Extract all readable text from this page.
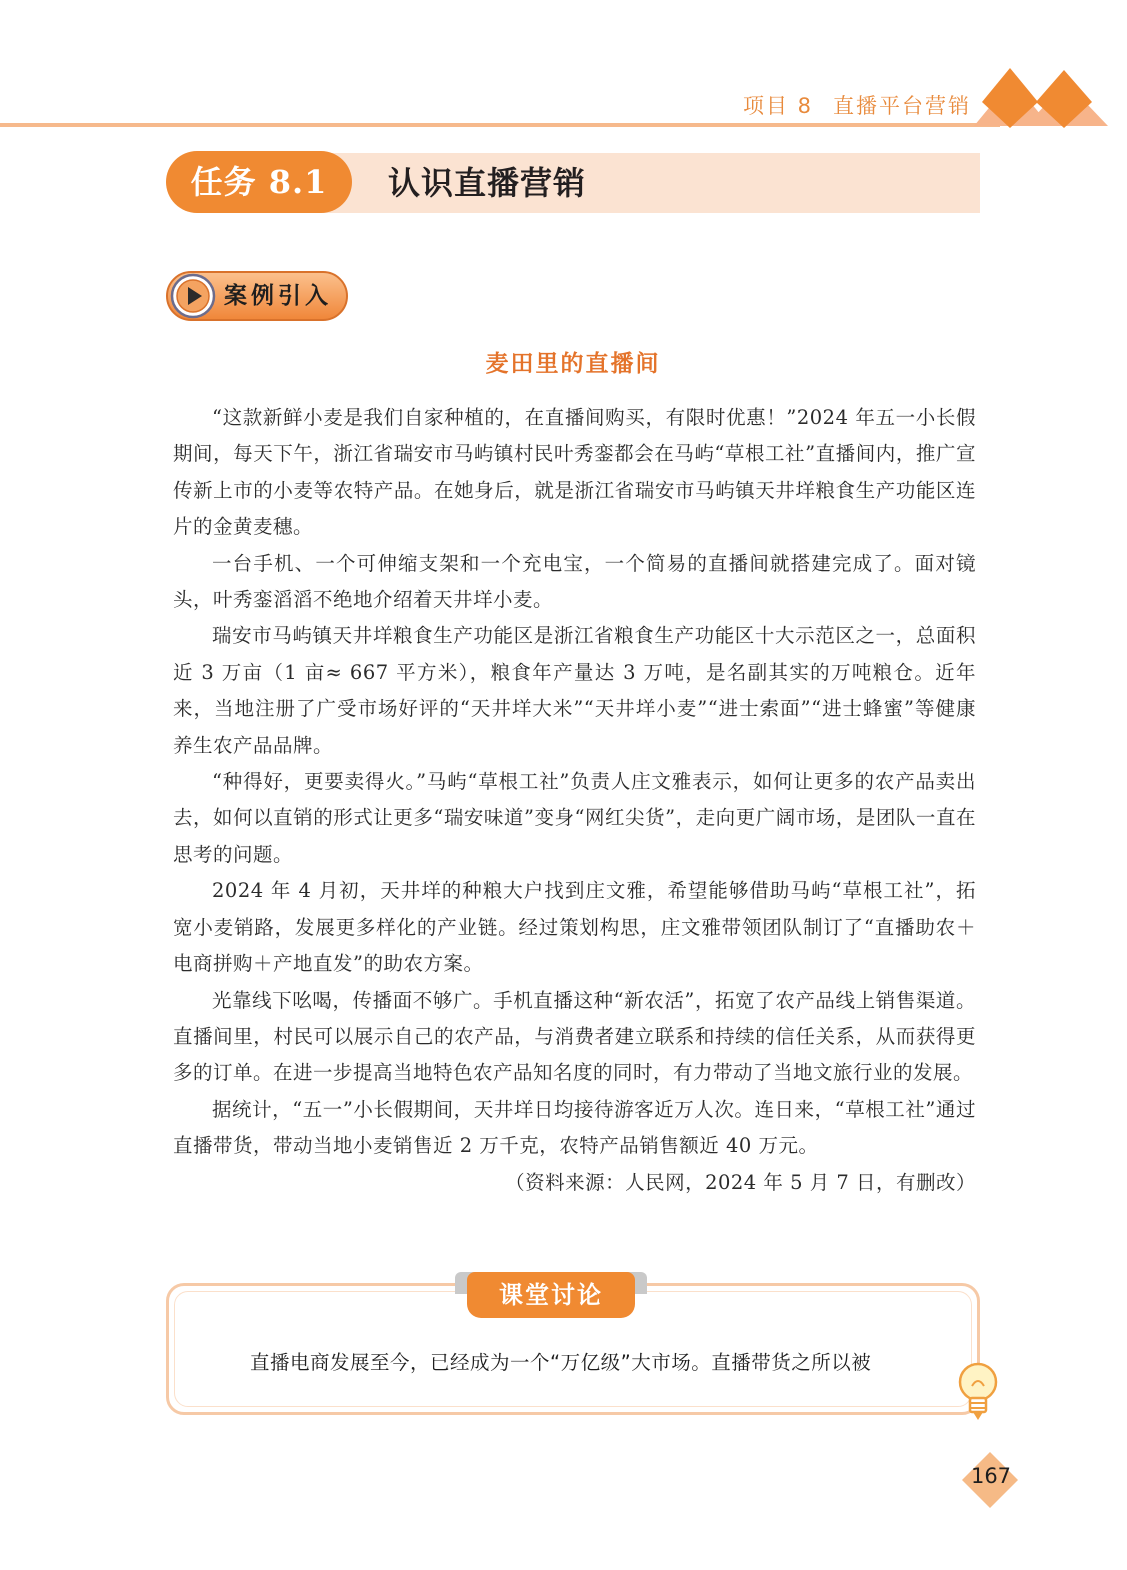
项目 8 直播平台营销
任务 8.1	认识直播营销
案例引入
麦田里的直播间

“这款新鲜小麦是我们自家种植的，在直播间购买，有限时优惠！”2024 年五一小长假期间，每天下午，浙江省瑞安市马屿镇村民叶秀銮都会在马屿“草根工社”直播间内，推广宣传新上市的小麦等农特产品。在她身后，就是浙江省瑞安市马屿镇天井垟粮食生产功能区连片的金黄麦穗。

一台手机、一个可伸缩支架和一个充电宝，一个简易的直播间就搭建完成了。面对镜头，叶秀銮滔滔不绝地介绍着天井垟小麦。

瑞安市马屿镇天井垟粮食生产功能区是浙江省粮食生产功能区十大示范区之一，总面积近 3 万亩（1 亩≈ 667 平方米），粮食年产量达 3 万吨，是名副其实的万吨粮仓。近年来，当地注册了广受市场好评的“天井垟大米”“天井垟小麦”“进士索面”“进士蜂蜜”等健康养生农产品品牌。

“种得好，更要卖得火。”马屿“草根工社”负责人庄文雅表示，如何让更多的农产品卖出去，如何以直销的形式让更多“瑞安味道”变身“网红尖货”，走向更广阔市场，是团队一直在思考的问题。

2024 年 4 月初，天井垟的种粮大户找到庄文雅，希望能够借助马屿“草根工社”，拓宽小麦销路，发展更多样化的产业链。经过策划构思，庄文雅带领团队制订了“直播助农＋电商拼购＋产地直发”的助农方案。

光靠线下吆喝，传播面不够广。手机直播这种“新农活”，拓宽了农产品线上销售渠道。直播间里，村民可以展示自己的农产品，与消费者建立联系和持续的信任关系，从而获得更多的订单。在进一步提高当地特色农产品知名度的同时，有力带动了当地文旅行业的发展。

据统计，“五一”小长假期间，天井垟日均接待游客近万人次。连日来，“草根工社”通过直播带货，带动当地小麦销售近 2 万千克，农特产品销售额近 40 万元。

（资料来源：人民网，2024 年 5 月 7 日，有删改）

课堂讨论
直播电商发展至今，已经成为一个“万亿级”大市场。直播带货之所以被
167
